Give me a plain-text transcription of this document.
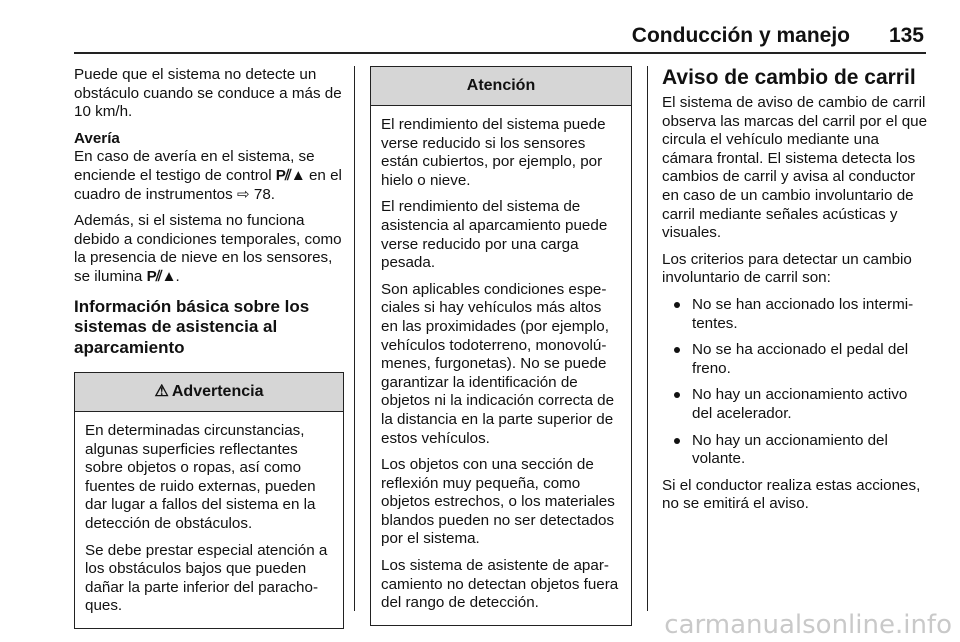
Conducción y manejo 135

Puede que el sistema no detecte un obstáculo cuando se conduce a más de 10 km/h.

Avería

En caso de avería en el sistema, se enciende el testigo de control P⫽▲ en el cuadro de instrumentos ⇨ 78.

Además, si el sistema no funciona debido a condiciones temporales, como la presencia de nieve en los sensores, se ilumina P⫽▲.

Información básica sobre los sistemas de asistencia al aparcamiento
⚠ Advertencia

En determinadas circunstancias, algunas superficies reflectantes sobre objetos o ropas, así como fuentes de ruido externas, pueden dar lugar a fallos del sistema en la detección de obstáculos.

Se debe prestar especial atención a los obstáculos bajos que pueden dañar la parte inferior del parachoques.

Atención

El rendimiento del sistema puede verse reducido si los sensores están cubiertos, por ejemplo, por hielo o nieve.

El rendimiento del sistema de asistencia al aparcamiento puede verse reducido por una carga pesada.

Son aplicables condiciones especiales si hay vehículos más altos en las proximidades (por ejemplo, vehículos todoterreno, monovolúmenes, furgonetas). No se puede garantizar la identificación de objetos ni la indicación correcta de la distancia en la parte superior de estos vehículos.

Los objetos con una sección de reflexión muy pequeña, como objetos estrechos, o los materiales blandos pueden no ser detectados por el sistema.

Los sistema de asistente de aparcamiento no detectan objetos fuera del rango de detección.

Aviso de cambio de carril

El sistema de aviso de cambio de carril observa las marcas del carril por el que circula el vehículo mediante una cámara frontal. El sistema detecta los cambios de carril y avisa al conductor en caso de un cambio involuntario de carril mediante señales acústicas y visuales.

Los criterios para detectar un cambio involuntario de carril son:

No se han accionado los intermitentes.
No se ha accionado el pedal del freno.
No hay un accionamiento activo del acelerador.
No hay un accionamiento del volante.

Si el conductor realiza estas acciones, no se emitirá el aviso.

carmanualsonline.info
